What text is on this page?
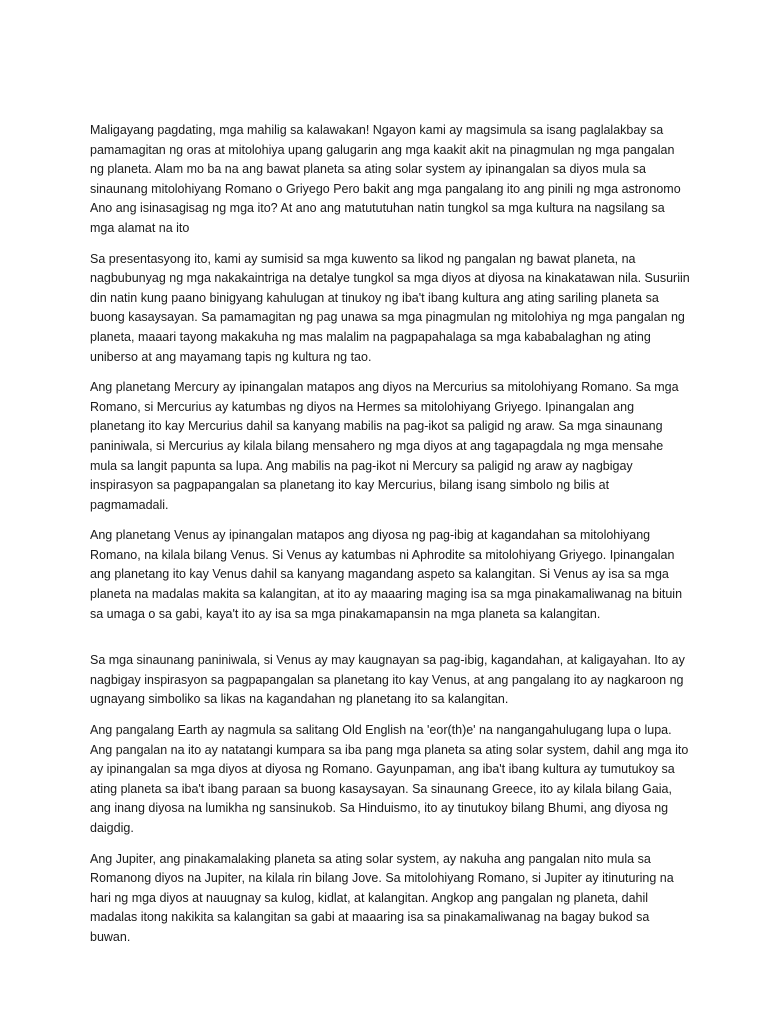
Maligayang pagdating, mga mahilig sa kalawakan! Ngayon kami ay magsimula sa isang paglalakbay sa pamamagitan ng oras at mitolohiya upang galugarin ang mga kaakit akit na pinagmulan ng mga pangalan ng planeta. Alam mo ba na ang bawat planeta sa ating solar system ay ipinangalan sa diyos mula sa sinaunang mitolohiyang Romano o Griyego Pero bakit ang mga pangalang ito ang pinili ng mga astronomo Ano ang isinasagisag ng mga ito? At ano ang matututuhan natin tungkol sa mga kultura na nagsilang sa mga alamat na ito

Sa presentasyong ito, kami ay sumisid sa mga kuwento sa likod ng pangalan ng bawat planeta, na nagbubunyag ng mga nakakaintriga na detalye tungkol sa mga diyos at diyosa na kinakatawan nila. Susuriin din natin kung paano binigyang kahulugan at tinukoy ng iba't ibang kultura ang ating sariling planeta sa buong kasaysayan. Sa pamamagitan ng pag unawa sa mga pinagmulan ng mitolohiya ng mga pangalan ng planeta, maaari tayong makakuha ng mas malalim na pagpapahalaga sa mga kababalaghan ng ating uniberso at ang mayamang tapis ng kultura ng tao.

Ang planetang Mercury ay ipinangalan matapos ang diyos na Mercurius sa mitolohiyang Romano. Sa mga Romano, si Mercurius ay katumbas ng diyos na Hermes sa mitolohiyang Griyego. Ipinangalan ang planetang ito kay Mercurius dahil sa kanyang mabilis na pag-ikot sa paligid ng araw. Sa mga sinaunang paniniwala, si Mercurius ay kilala bilang mensahero ng mga diyos at ang tagapagdala ng mga mensahe mula sa langit papunta sa lupa. Ang mabilis na pag-ikot ni Mercury sa paligid ng araw ay nagbigay inspirasyon sa pagpapangalan sa planetang ito kay Mercurius, bilang isang simbolo ng bilis at pagmamadali.

Ang planetang Venus ay ipinangalan matapos ang diyosa ng pag-ibig at kagandahan sa mitolohiyang Romano, na kilala bilang Venus. Si Venus ay katumbas ni Aphrodite sa mitolohiyang Griyego. Ipinangalan ang planetang ito kay Venus dahil sa kanyang magandang aspeto sa kalangitan. Si Venus ay isa sa mga planeta na madalas makita sa kalangitan, at ito ay maaaring maging isa sa mga pinakamaliwanag na bituin sa umaga o sa gabi, kaya't ito ay isa sa mga pinakamapansin na mga planeta sa kalangitan.

Sa mga sinaunang paniniwala, si Venus ay may kaugnayan sa pag-ibig, kagandahan, at kaligayahan. Ito ay nagbigay inspirasyon sa pagpapangalan sa planetang ito kay Venus, at ang pangalang ito ay nagkaroon ng ugnayang simboliko sa likas na kagandahan ng planetang ito sa kalangitan.

Ang pangalang Earth ay nagmula sa salitang Old English na 'eor(th)e' na nangangahulugang lupa o lupa. Ang pangalan na ito ay natatangi kumpara sa iba pang mga planeta sa ating solar system, dahil ang mga ito ay ipinangalan sa mga diyos at diyosa ng Romano. Gayunpaman, ang iba't ibang kultura ay tumutukoy sa ating planeta sa iba't ibang paraan sa buong kasaysayan. Sa sinaunang Greece, ito ay kilala bilang Gaia, ang inang diyosa na lumikha ng sansinukob. Sa Hinduismo, ito ay tinutukoy bilang Bhumi, ang diyosa ng daigdig.

Ang Jupiter, ang pinakamalaking planeta sa ating solar system, ay nakuha ang pangalan nito mula sa Romanong diyos na Jupiter, na kilala rin bilang Jove. Sa mitolohiyang Romano, si Jupiter ay itinuturing na hari ng mga diyos at nauugnay sa kulog, kidlat, at kalangitan. Angkop ang pangalan ng planeta, dahil madalas itong nakikita sa kalangitan sa gabi at maaaring isa sa pinakamaliwanag na bagay bukod sa buwan.
